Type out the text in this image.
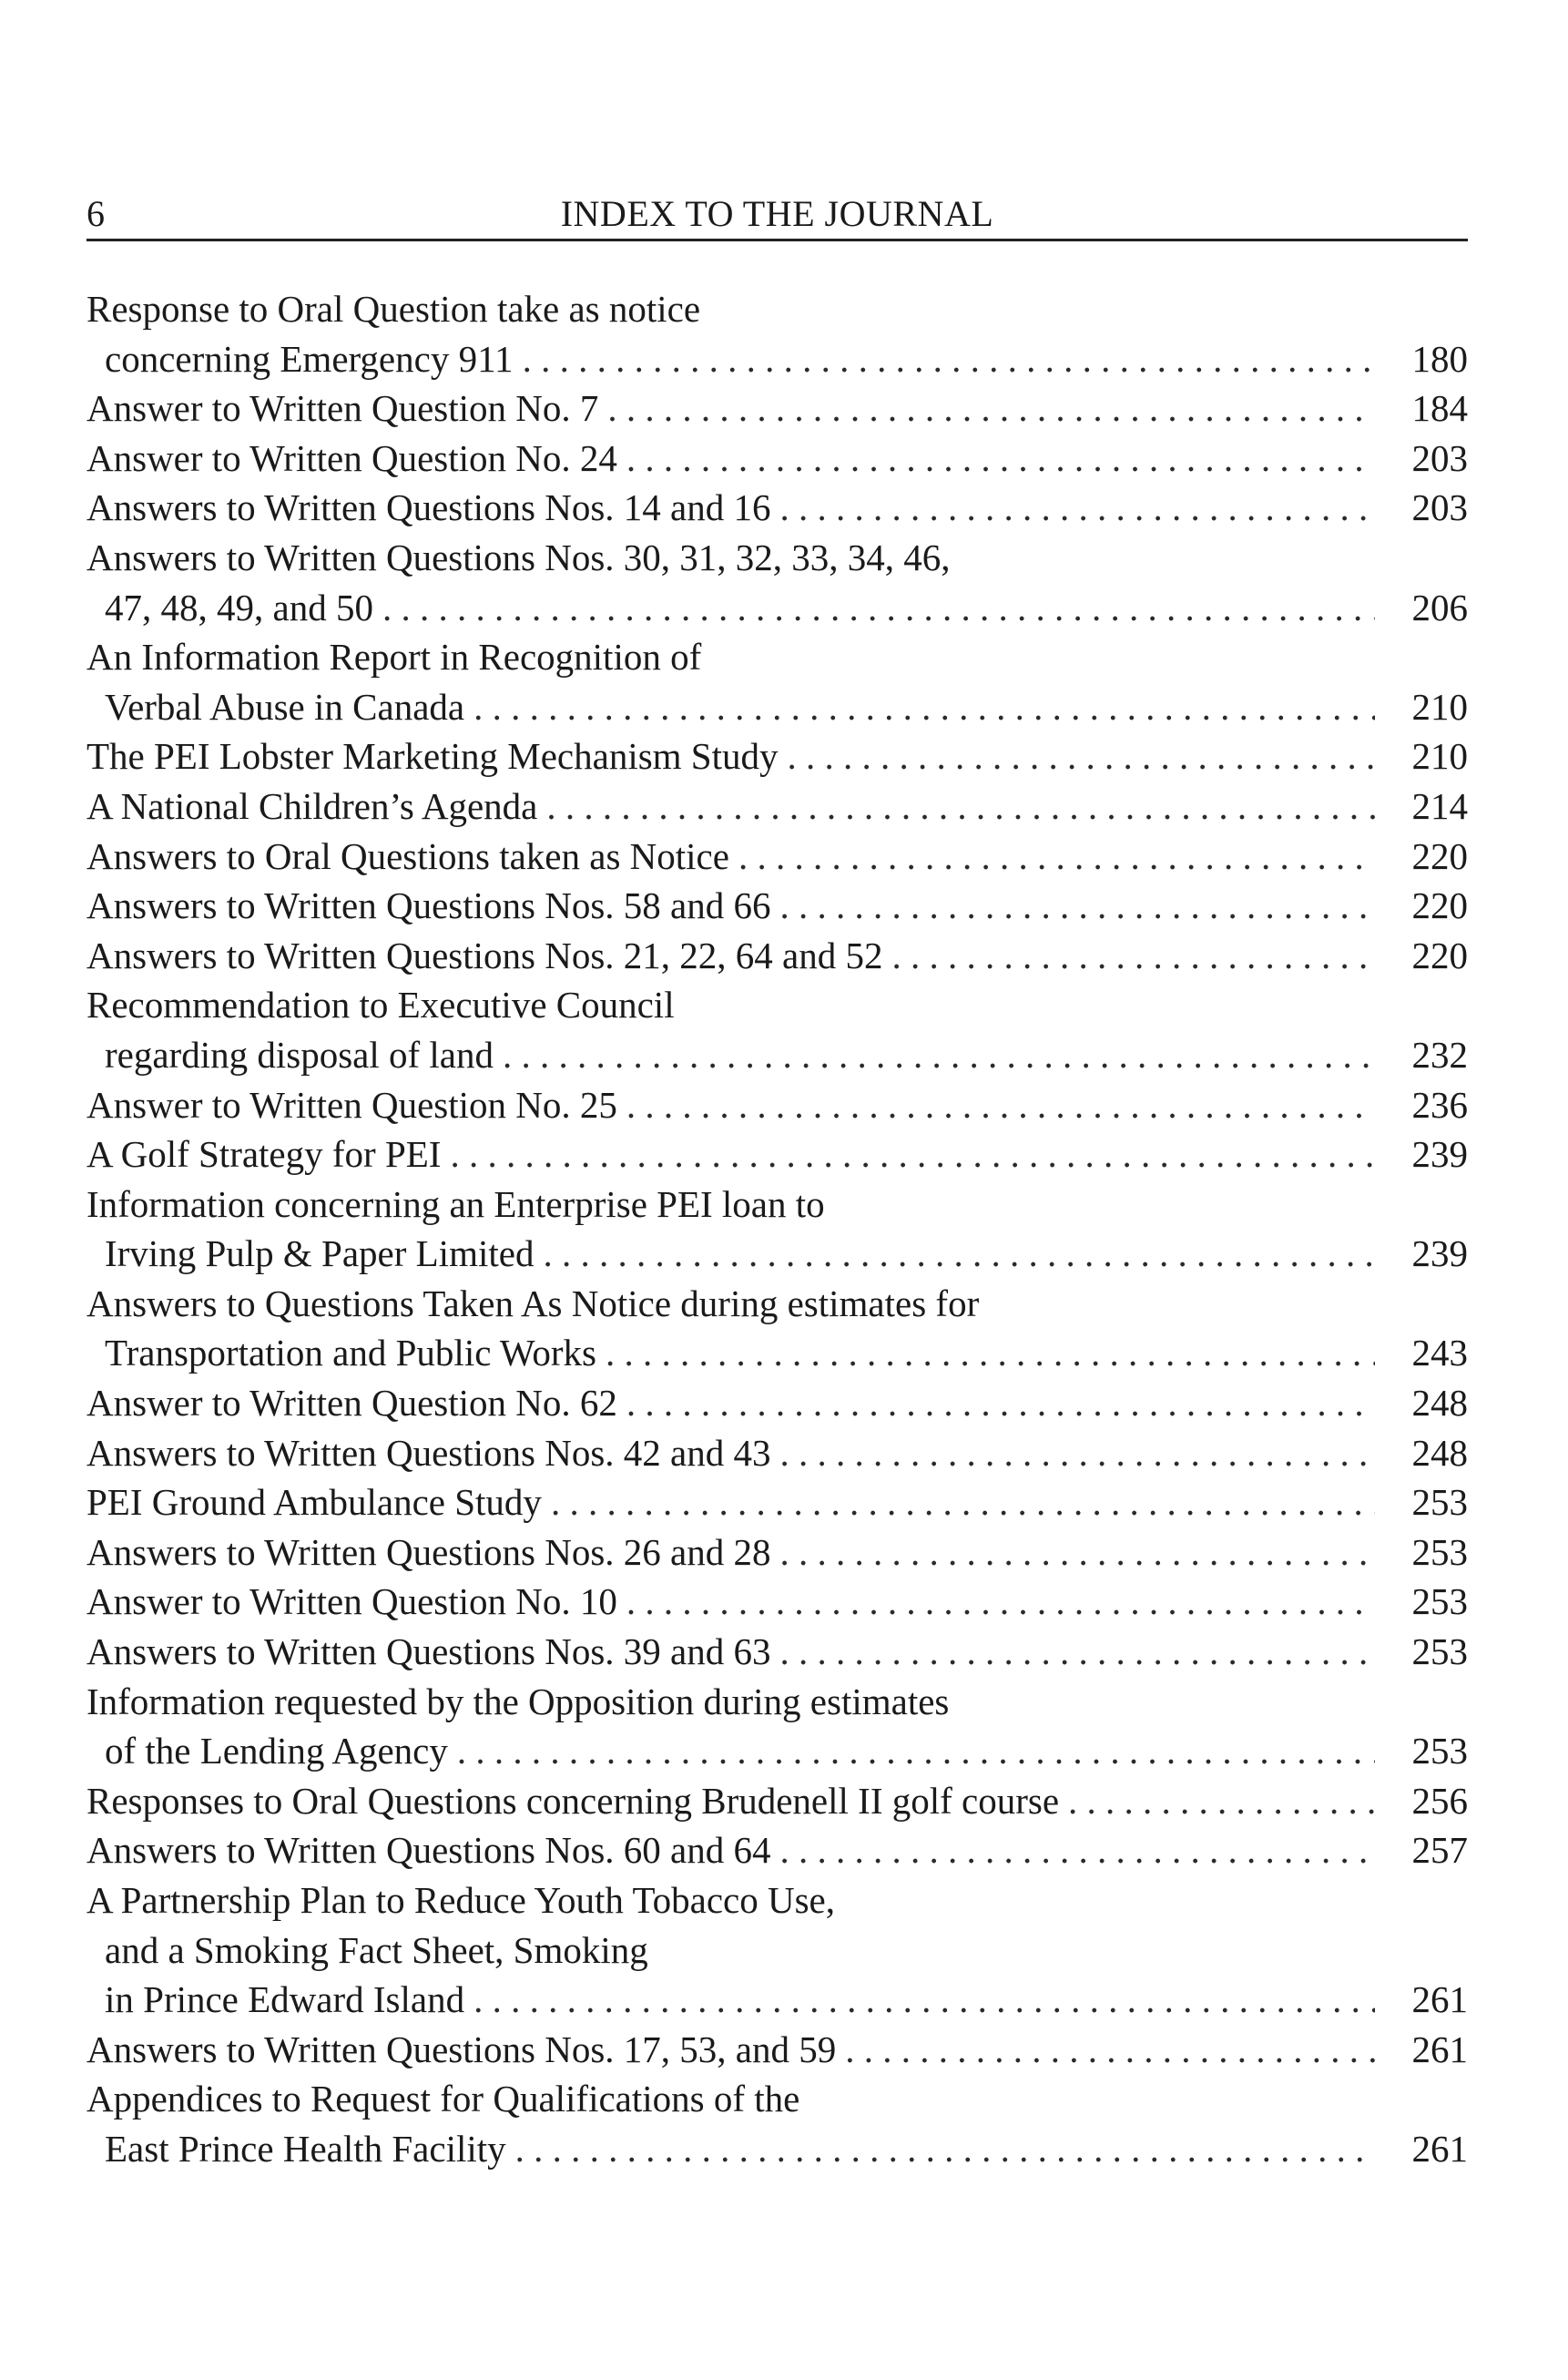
6	INDEX TO THE JOURNAL
Response to Oral Question take as notice
concerning Emergency 911 . . .	180
Answer to Written Question No. 7 . . .	184
Answer to Written Question No. 24 . . .	203
Answers to Written Questions Nos. 14 and 16 . . .	203
Answers to Written Questions Nos. 30, 31, 32, 33, 34, 46,
47, 48, 49, and 50 . . .	206
An Information Report in Recognition of
Verbal Abuse in Canada . . .	210
The PEI Lobster Marketing Mechanism Study . . .	210
A National Children’s Agenda . . .	214
Answers to Oral Questions taken as Notice . . .	220
Answers to Written Questions Nos. 58 and 66 . . .	220
Answers to Written Questions Nos. 21, 22, 64 and 52 . . .	220
Recommendation to Executive Council
regarding disposal of land . . .	232
Answer to Written Question No. 25 . . .	236
A Golf Strategy for PEI . . .	239
Information concerning an Enterprise PEI loan to
Irving Pulp & Paper Limited . . .	239
Answers to Questions Taken As Notice during estimates for
Transportation and Public Works . . .	243
Answer to Written Question No. 62 . . .	248
Answers to Written Questions Nos. 42 and 43 . . .	248
PEI Ground Ambulance Study . . .	253
Answers to Written Questions Nos. 26 and 28 . . .	253
Answer to Written Question No. 10 . . .	253
Answers to Written Questions Nos. 39 and 63 . . .	253
Information requested by the Opposition during estimates
of the Lending Agency . . .	253
Responses to Oral Questions concerning Brudenell II golf course . . .	256
Answers to Written Questions Nos. 60 and 64 . . .	257
A Partnership Plan to Reduce Youth Tobacco Use,
and a Smoking Fact Sheet, Smoking
in Prince Edward Island . . .	261
Answers to Written Questions Nos. 17, 53, and 59 . . .	261
Appendices to Request for Qualifications of the
East Prince Health Facility . . .	261
